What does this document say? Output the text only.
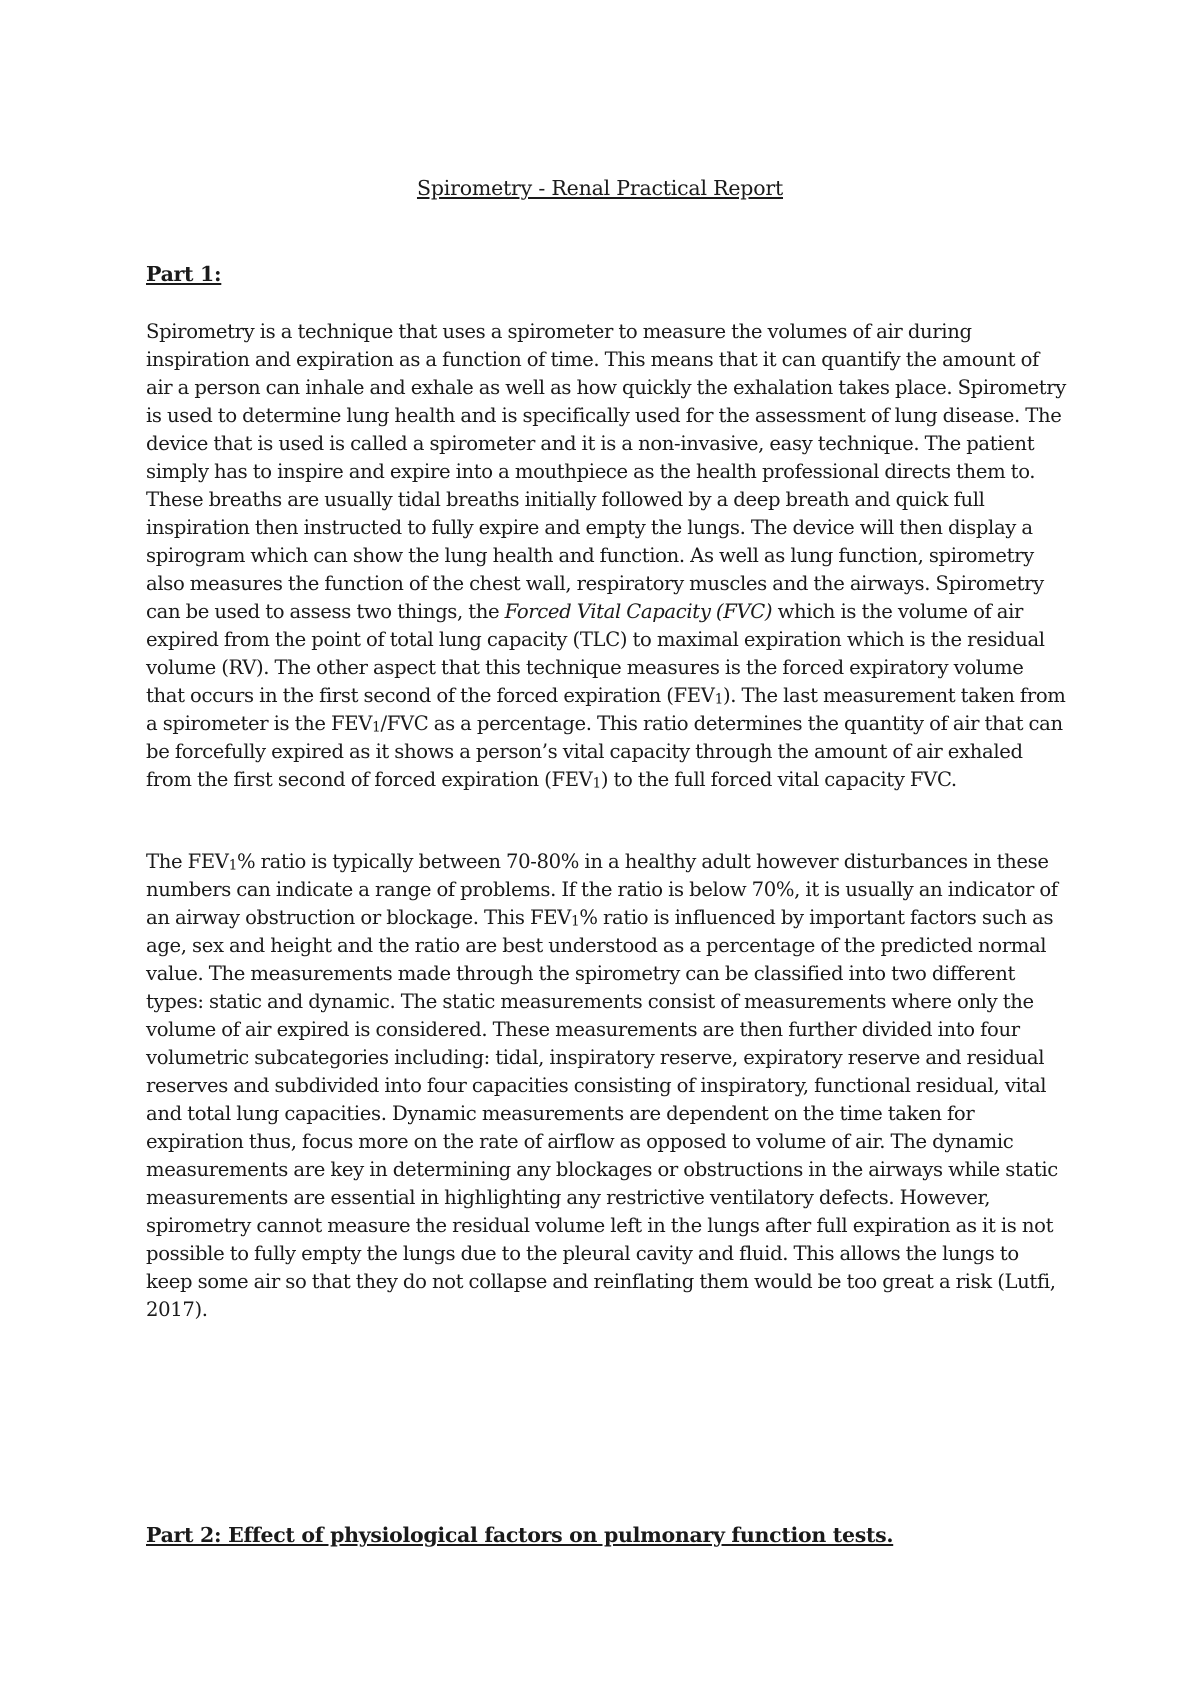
Spirometry - Renal Practical Report
Part 1:

Spirometry is a technique that uses a spirometer to measure the volumes of air during inspiration and expiration as a function of time. This means that it can quantify the amount of air a person can inhale and exhale as well as how quickly the exhalation takes place. Spirometry is used to determine lung health and is specifically used for the assessment of lung disease. The device that is used is called a spirometer and it is a non-invasive, easy technique. The patient simply has to inspire and expire into a mouthpiece as the health professional directs them to. These breaths are usually tidal breaths initially followed by a deep breath and quick full inspiration then instructed to fully expire and empty the lungs. The device will then display a spirogram which can show the lung health and function. As well as lung function, spirometry also measures the function of the chest wall, respiratory muscles and the airways. Spirometry can be used to assess two things, the Forced Vital Capacity (FVC) which is the volume of air expired from the point of total lung capacity (TLC) to maximal expiration which is the residual volume (RV). The other aspect that this technique measures is the forced expiratory volume that occurs in the first second of the forced expiration $(FEV_1)$. The last measurement taken from a spirometer is the $FEV_1$/FVC as a percentage. This ratio determines the quantity of air that can be forcefully expired as it shows a person’s vital capacity through the amount of air exhaled from the first second of forced expiration $(FEV_1)$ to the full forced vital capacity FVC.

The $FEV_1\%$ ratio is typically between 70-80% in a healthy adult however disturbances in these numbers can indicate a range of problems. If the ratio is below 70%, it is usually an indicator of an airway obstruction or blockage. This $FEV_1\%$ ratio is influenced by important factors such as age, sex and height and the ratio are best understood as a percentage of the predicted normal value. The measurements made through the spirometry can be classified into two different types: static and dynamic. The static measurements consist of measurements where only the volume of air expired is considered. These measurements are then further divided into four volumetric subcategories including: tidal, inspiratory reserve, expiratory reserve and residual reserves and subdivided into four capacities consisting of inspiratory, functional residual, vital and total lung capacities. Dynamic measurements are dependent on the time taken for expiration thus, focus more on the rate of airflow as opposed to volume of air. The dynamic measurements are key in determining any blockages or obstructions in the airways while static measurements are essential in highlighting any restrictive ventilatory defects. However, spirometry cannot measure the residual volume left in the lungs after full expiration as it is not possible to fully empty the lungs due to the pleural cavity and fluid. This allows the lungs to keep some air so that they do not collapse and reinflating them would be too great a risk (Lutfi, 2017).

Part 2: Effect of physiological factors on pulmonary function tests.
